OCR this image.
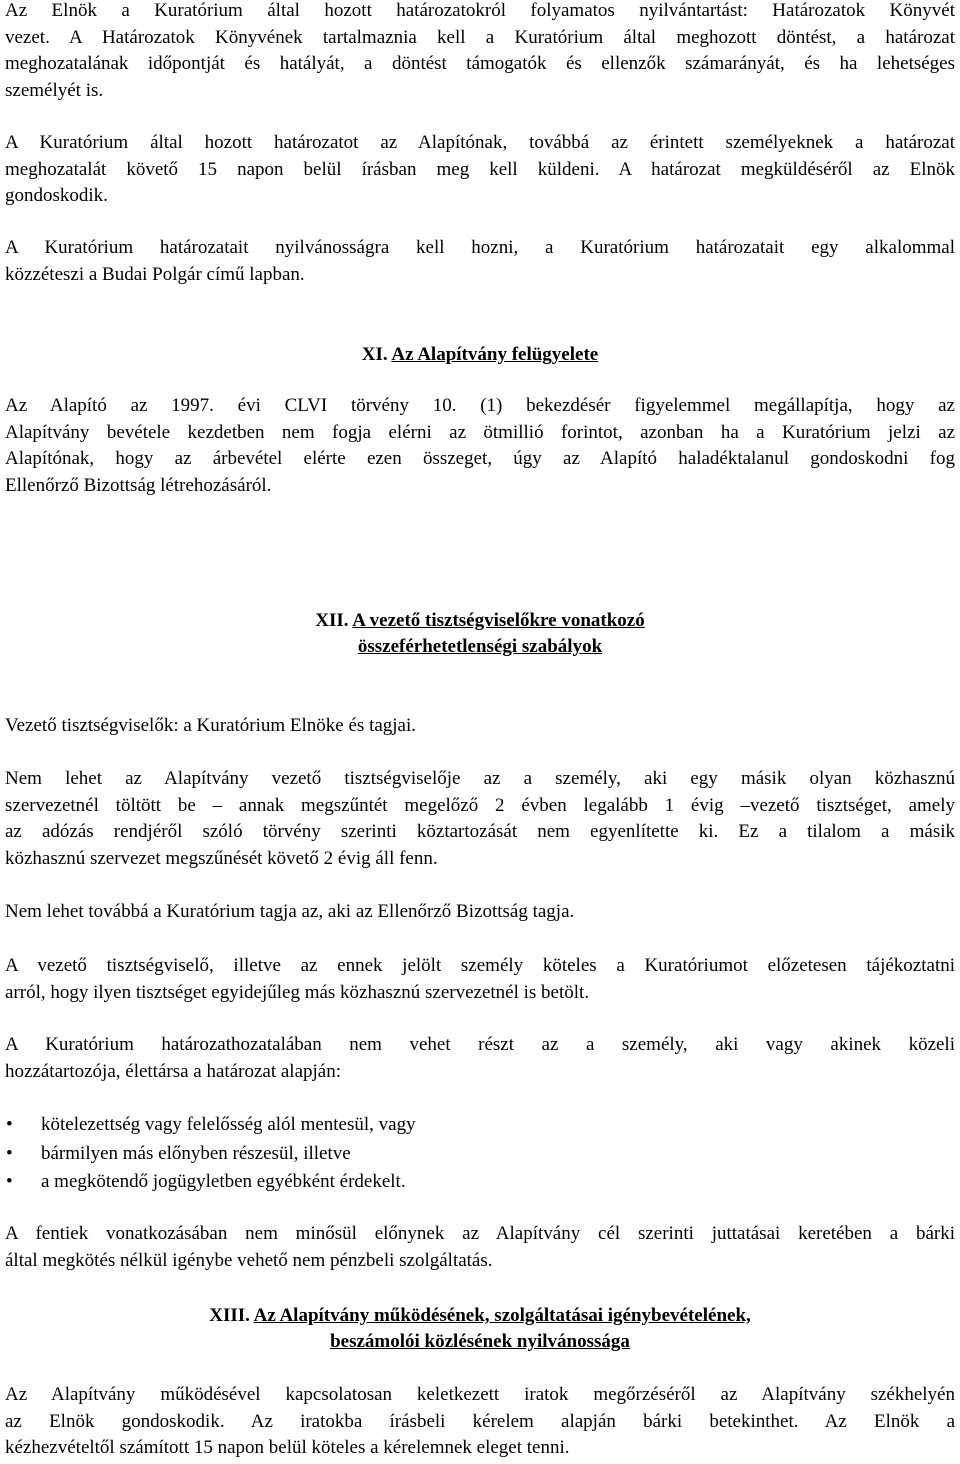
Az Elnök a Kuratórium által hozott határozatokról folyamatos nyilvántartást: Határozatok Könyvét
vezet. A Határozatok Könyvének tartalmaznia kell a Kuratórium által meghozott döntést, a határozat
meghozatalának időpontját és hatályát, a döntést támogatók és ellenzők számarányát, és ha lehetséges
személyét is.
A Kuratórium által hozott határozatot az Alapítónak, továbbá az érintett személyeknek a határozat
meghozatalát követő 15 napon belül írásban meg kell küldeni. A határozat megküldéséről az Elnök
gondoskodik.
A Kuratórium határozatait nyilvánosságra kell hozni, a Kuratórium határozatait egy alkalommal
közzéteszi a Budai Polgár című lapban.
XI. Az Alapítvány felügyelete
Az Alapító az 1997. évi CLVI törvény 10. (1) bekezdésér figyelemmel megállapítja, hogy az
Alapítvány bevétele kezdetben nem fogja elérni az ötmillió forintot, azonban ha a Kuratórium jelzi az
Alapítónak, hogy az árbevétel elérte ezen összeget, úgy az Alapító haladéktalanul gondoskodni fog
Ellenőrző Bizottság létrehozásáról.
XII. A vezető tisztségviselőkre vonatkozó
összeférhetetlenségi szabályok
Vezető tisztségviselők: a Kuratórium Elnöke és tagjai.
Nem lehet az Alapítvány vezető tisztségviselője az a személy, aki egy másik olyan közhasznú
szervezetnél töltött be – annak megszűntét megelőző 2 évben legalább 1 évig –vezető tisztséget, amely
az adózás rendjéről szóló törvény szerinti köztartozását nem egyenlítette ki. Ez a tilalom a másik
közhasznú szervezet megszűnését követő 2 évig áll fenn.
Nem lehet továbbá a Kuratórium tagja az, aki az Ellenőrző Bizottság tagja.
A vezető tisztségviselő, illetve az ennek jelölt személy köteles a Kuratóriumot előzetesen tájékoztatni
arról, hogy ilyen tisztséget egyidejűleg más közhasznú szervezetnél is betölt.
A Kuratórium határozathozatalában nem vehet részt az a személy, aki vagy akinek közeli
hozzátartozója, élettársa a határozat alapján:
• kötelezettség vagy felelősség alól mentesül, vagy
• bármilyen más előnyben részesül, illetve
• a megkötendő jogügyletben egyébként érdekelt.
A fentiek vonatkozásában nem minősül előnynek az Alapítvány cél szerinti juttatásai keretében a bárki
által megkötés nélkül igénybe vehető nem pénzbeli szolgáltatás.
XIII. Az Alapítvány működésének, szolgáltatásai igénybevételének,
beszámolói közlésének nyilvánossága
Az Alapítvány működésével kapcsolatosan keletkezett iratok megőrzéséről az Alapítvány székhelyén
az Elnök gondoskodik. Az iratokba írásbeli kérelem alapján bárki betekinthet. Az Elnök a
kézhezvételtől számított 15 napon belül köteles a kérelemnek eleget tenni.
